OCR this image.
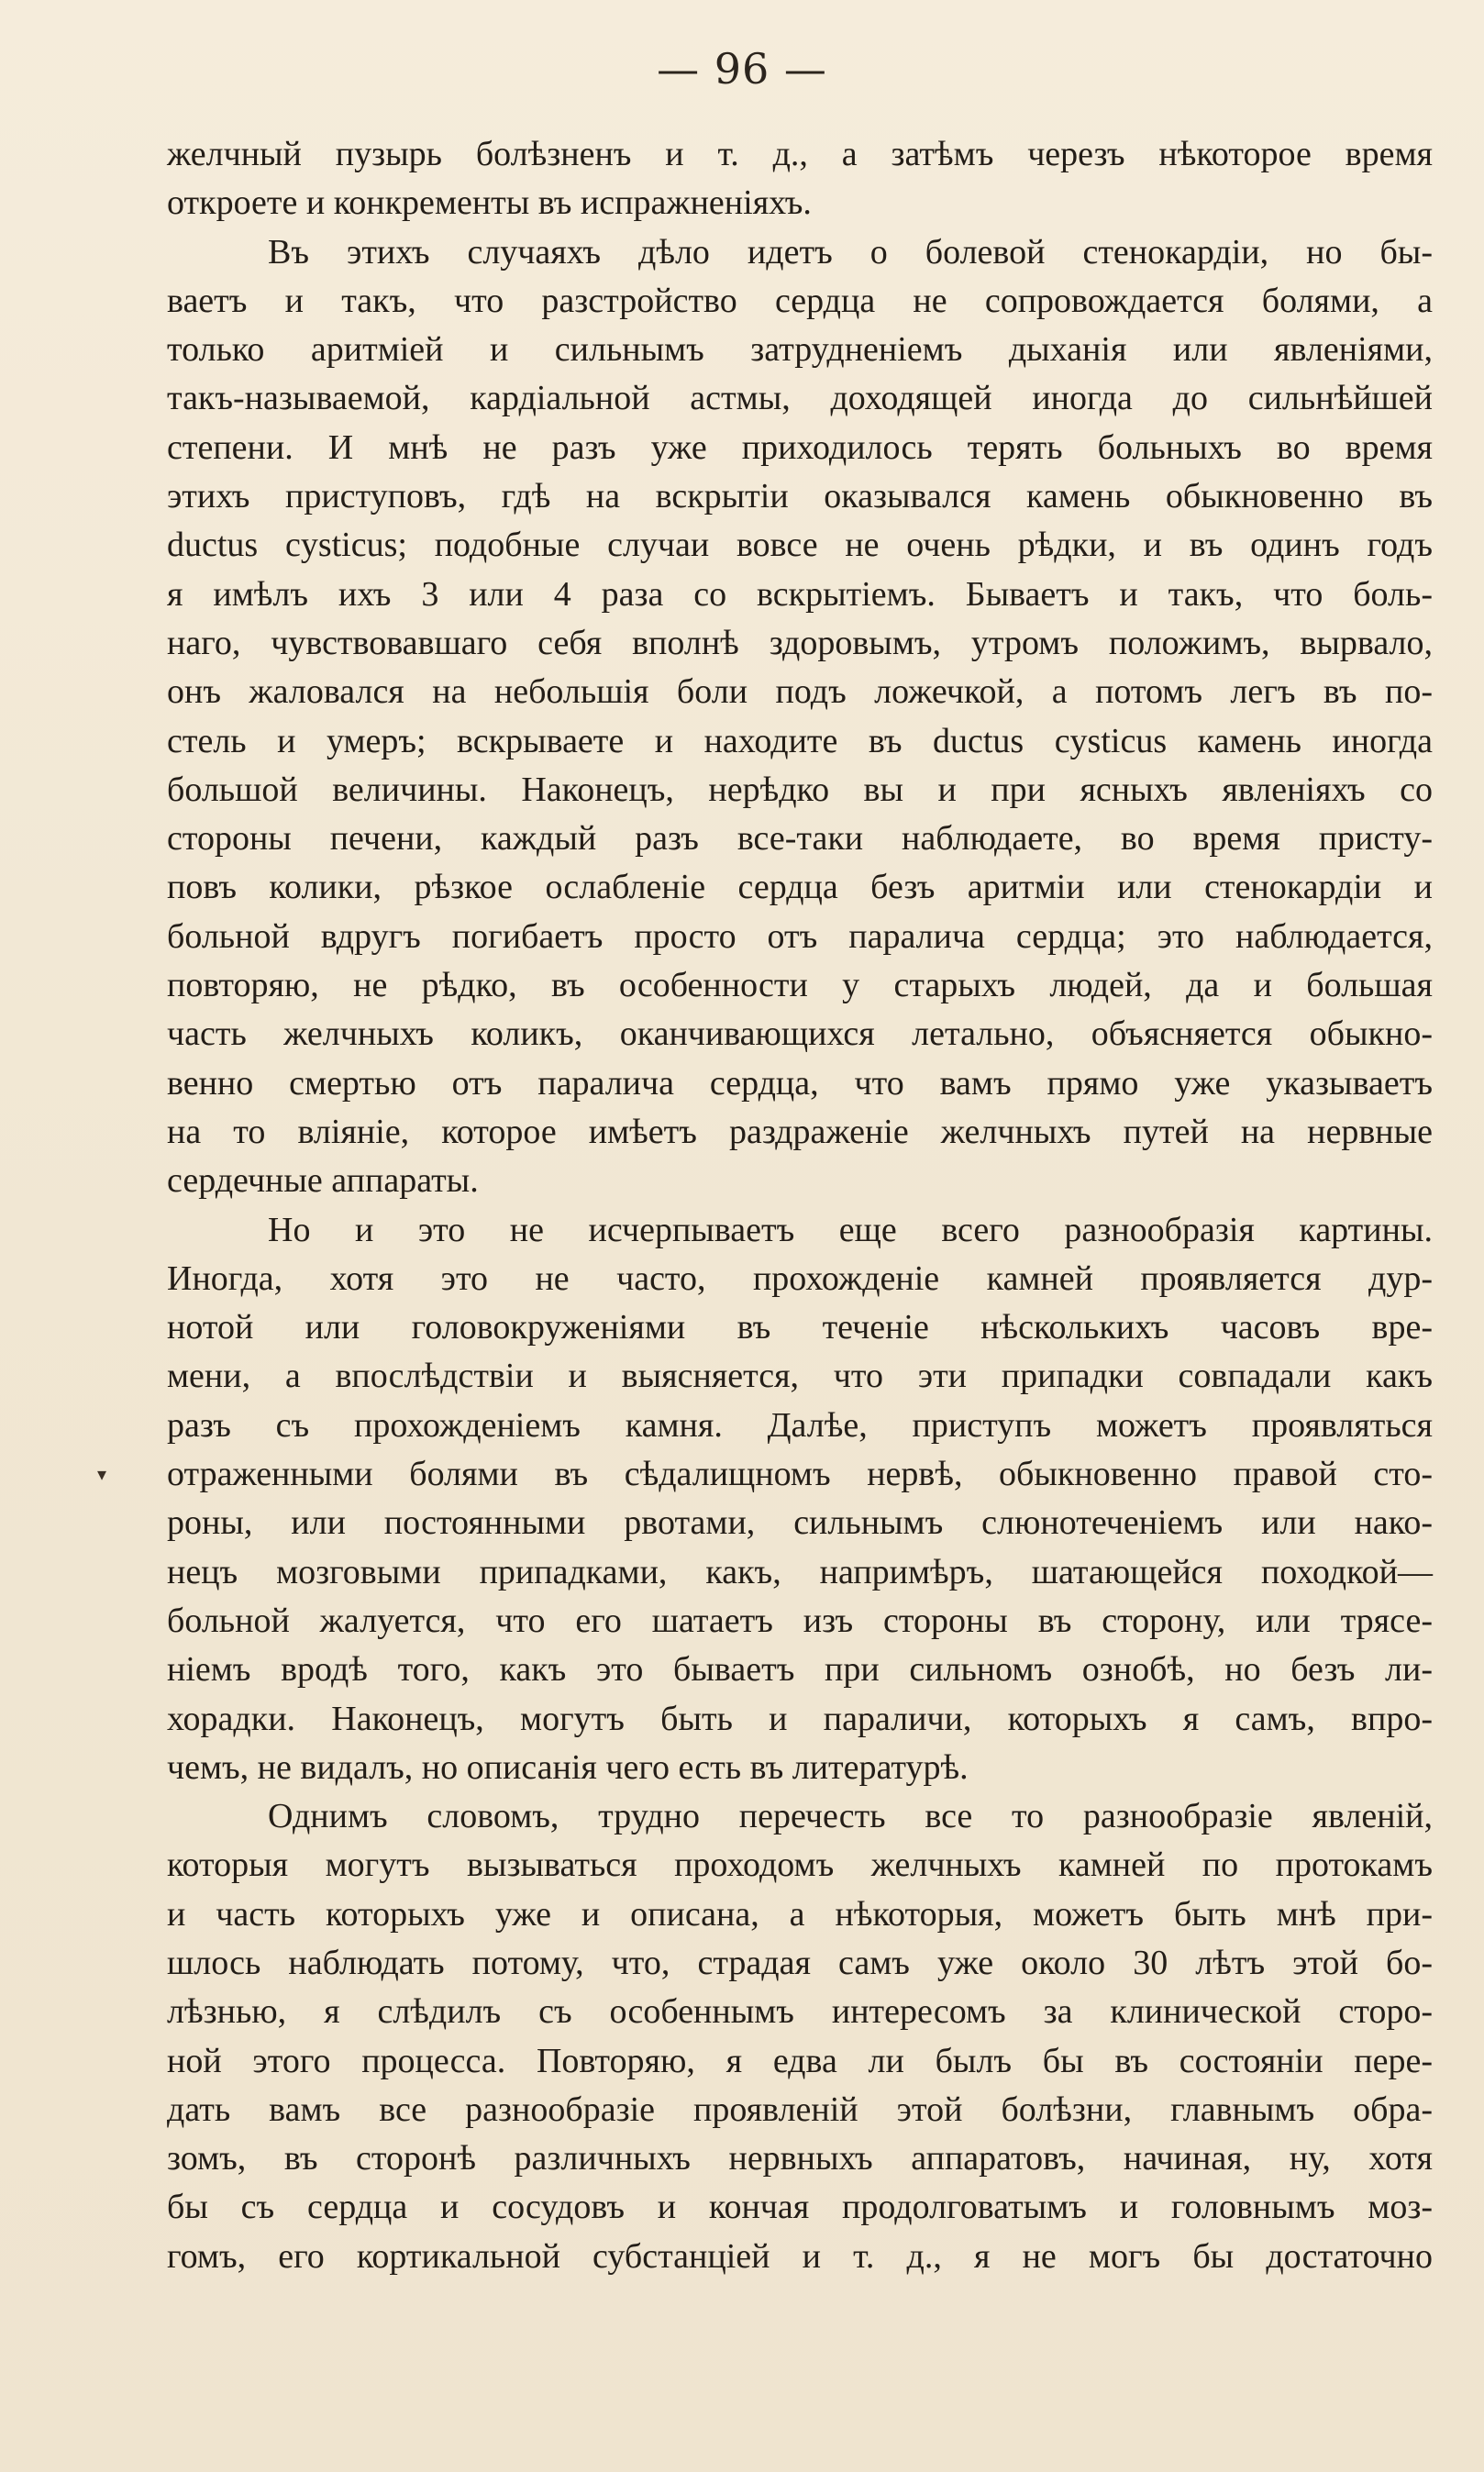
— 96 —
желчный пузырь болѣзненъ и т. д., а затѣмъ черезъ нѣкоторое время
откроете и конкременты въ испражненiяхъ.
Въ этихъ случаяхъ дѣло идетъ о болевой стенокардiи, но бы-
ваетъ и такъ, что разстройство сердца не сопровождается болями, а
только аритмiей и сильнымъ затрудненiемъ дыханiя или явленiями,
такъ-называемой, кардiальной астмы, доходящей иногда до сильнѣйшей
степени. И мнѣ не разъ уже приходилось терять больныхъ во время
этихъ приступовъ, гдѣ на вскрытiи оказывался камень обыкновенно въ
ductus cysticus; подобные случаи вовсе не очень рѣдки, и въ одинъ годъ
я имѣлъ ихъ 3 или 4 раза со вскрытiемъ. Бываетъ и такъ, что боль-
наго, чувствовавшаго себя вполнѣ здоровымъ, утромъ положимъ, вырвало,
онъ жаловался на небольшiя боли подъ ложечкой, а потомъ легъ въ по-
стель и умеръ; вскрываете и находите въ ductus cysticus камень иногда
большой величины. Наконецъ, нерѣдко вы и при ясныхъ явленiяхъ со
стороны печени, каждый разъ все-таки наблюдаете, во время присту-
повъ колики, рѣзкое ослабленiе сердца безъ аритмiи или стенокардiи и
больной вдругъ погибаетъ просто отъ паралича сердца; это наблюдается,
повторяю, не рѣдко, въ особенности у старыхъ людей, да и большая
часть желчныхъ коликъ, оканчивающихся летально, объясняется обыкно-
венно смертью отъ паралича сердца, что вамъ прямо уже указываетъ
на то влiянiе, которое имѣетъ раздраженiе желчныхъ путей на нервные
сердечные аппараты.
Но и это не исчерпываетъ еще всего разнообразiя картины.
Иногда, хотя это не часто, прохожденiе камней проявляется дур-
нотой или головокруженiями въ теченiе нѣсколькихъ часовъ вре-
мени, а впослѣдствiи и выясняется, что эти припадки совпадали какъ
разъ съ прохожденiемъ камня. Далѣе, приступъ можетъ проявляться
отраженными болями въ сѣдалищномъ нервѣ, обыкновенно правой сто-
роны, или постоянными рвотами, сильнымъ слюнотеченiемъ или нако-
нецъ мозговыми припадками, какъ, напримѣръ, шатающейся походкой—
больной жалуется, что его шатаетъ изъ стороны въ сторону, или трясе-
нiемъ вродѣ того, какъ это бываетъ при сильномъ ознобѣ, но безъ ли-
хорадки. Наконецъ, могутъ быть и параличи, которыхъ я самъ, впро-
чемъ, не видалъ, но описанiя чего есть въ литературѣ.
Однимъ словомъ, трудно перечесть все то разнообразiе явленiй,
которыя могутъ вызываться проходомъ желчныхъ камней по протокамъ
и часть которыхъ уже и описана, а нѣкоторыя, можетъ быть мнѣ при-
шлось наблюдать потому, что, страдая самъ уже около 30 лѣтъ этой бо-
лѣзнью, я слѣдилъ съ особеннымъ интересомъ за клинической сторо-
ной этого процесса. Повторяю, я едва ли былъ бы въ состоянiи пере-
дать вамъ все разнообразiе проявленiй этой болѣзни, главнымъ обра-
зомъ, въ сторонѣ различныхъ нервныхъ аппаратовъ, начиная, ну, хотя
бы съ сердца и сосудовъ и кончая продолговатымъ и головнымъ моз-
гомъ, его кортикальной субстанцiей и т. д., я не могъ бы достаточно
▾
